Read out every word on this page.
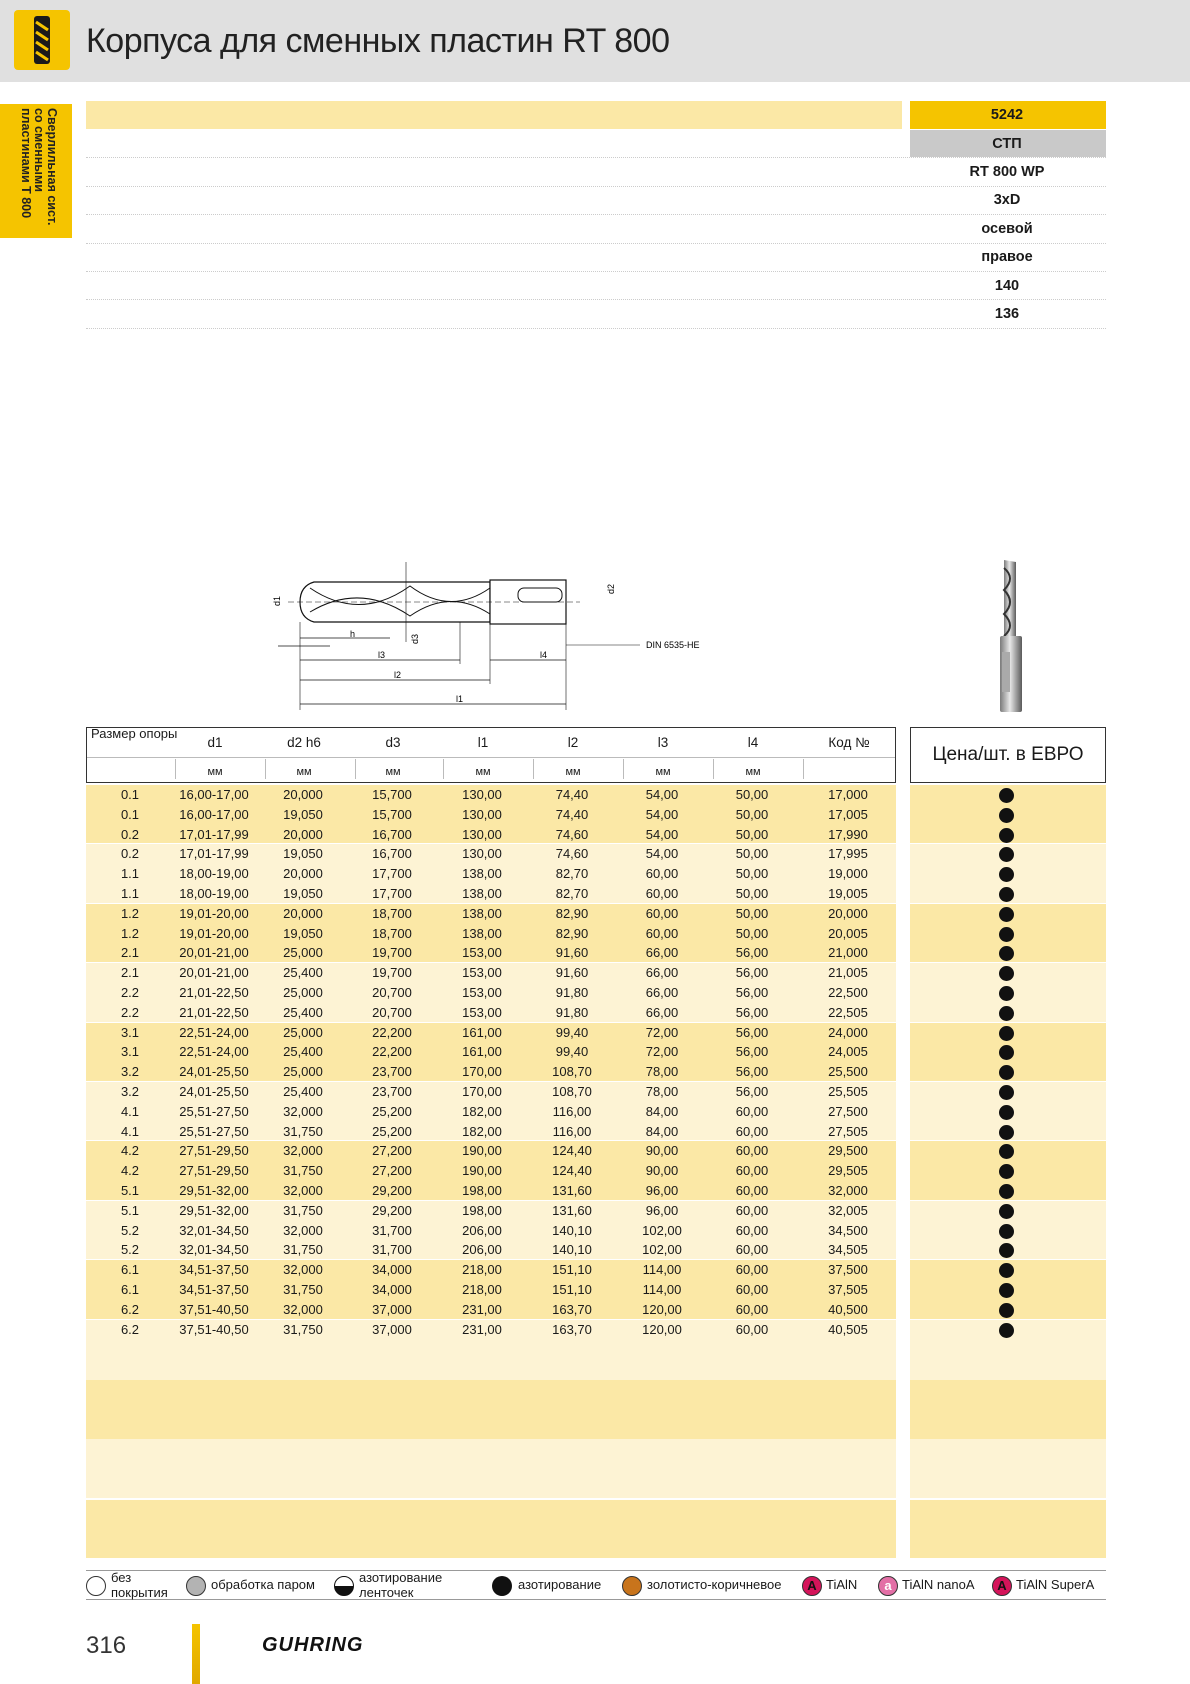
Корпуса для сменных пластин RT 800
Сверлильная сист.
со сменными
пластинами Т 800	5242
СТП
RT 800 WP
3xD
осевой
правое
140
136
d1
d2
d3
h
l3
l2
l1
l4
DIN 6535-HE
Размер опоры
d1	d2 h6	d3	l1	l2	l3	l4	Код №
мм	мм	мм	мм	мм	мм	мм
Цена/шт. в ЕВРО
0.1	16,00-17,00	20,000	15,700	130,00	74,40	54,00	50,00	17,000
0.1	16,00-17,00	19,050	15,700	130,00	74,40	54,00	50,00	17,005
0.2	17,01-17,99	20,000	16,700	130,00	74,60	54,00	50,00	17,990
0.2	17,01-17,99	19,050	16,700	130,00	74,60	54,00	50,00	17,995
1.1	18,00-19,00	20,000	17,700	138,00	82,70	60,00	50,00	19,000
1.1	18,00-19,00	19,050	17,700	138,00	82,70	60,00	50,00	19,005
1.2	19,01-20,00	20,000	18,700	138,00	82,90	60,00	50,00	20,000
1.2	19,01-20,00	19,050	18,700	138,00	82,90	60,00	50,00	20,005
2.1	20,01-21,00	25,000	19,700	153,00	91,60	66,00	56,00	21,000
2.1	20,01-21,00	25,400	19,700	153,00	91,60	66,00	56,00	21,005
2.2	21,01-22,50	25,000	20,700	153,00	91,80	66,00	56,00	22,500
2.2	21,01-22,50	25,400	20,700	153,00	91,80	66,00	56,00	22,505
3.1	22,51-24,00	25,000	22,200	161,00	99,40	72,00	56,00	24,000
3.1	22,51-24,00	25,400	22,200	161,00	99,40	72,00	56,00	24,005
3.2	24,01-25,50	25,000	23,700	170,00	108,70	78,00	56,00	25,500
3.2	24,01-25,50	25,400	23,700	170,00	108,70	78,00	56,00	25,505
4.1	25,51-27,50	32,000	25,200	182,00	116,00	84,00	60,00	27,500
4.1	25,51-27,50	31,750	25,200	182,00	116,00	84,00	60,00	27,505
4.2	27,51-29,50	32,000	27,200	190,00	124,40	90,00	60,00	29,500
4.2	27,51-29,50	31,750	27,200	190,00	124,40	90,00	60,00	29,505
5.1	29,51-32,00	32,000	29,200	198,00	131,60	96,00	60,00	32,000
5.1	29,51-32,00	31,750	29,200	198,00	131,60	96,00	60,00	32,005
5.2	32,01-34,50	32,000	31,700	206,00	140,10	102,00	60,00	34,500
5.2	32,01-34,50	31,750	31,700	206,00	140,10	102,00	60,00	34,505
6.1	34,51-37,50	32,000	34,000	218,00	151,10	114,00	60,00	37,500
6.1	34,51-37,50	31,750	34,000	218,00	151,10	114,00	60,00	37,505
6.2	37,51-40,50	32,000	37,000	231,00	163,70	120,00	60,00	40,500
6.2	37,51-40,50	31,750	37,000	231,00	163,70	120,00	60,00	40,505
без покрытия
обработка паром	азотирование ленточек
азотирование	золотисто-коричневое	A TiAlN	a TiAlN nanoA	A TiAlN SuperA
316	GUHRING
